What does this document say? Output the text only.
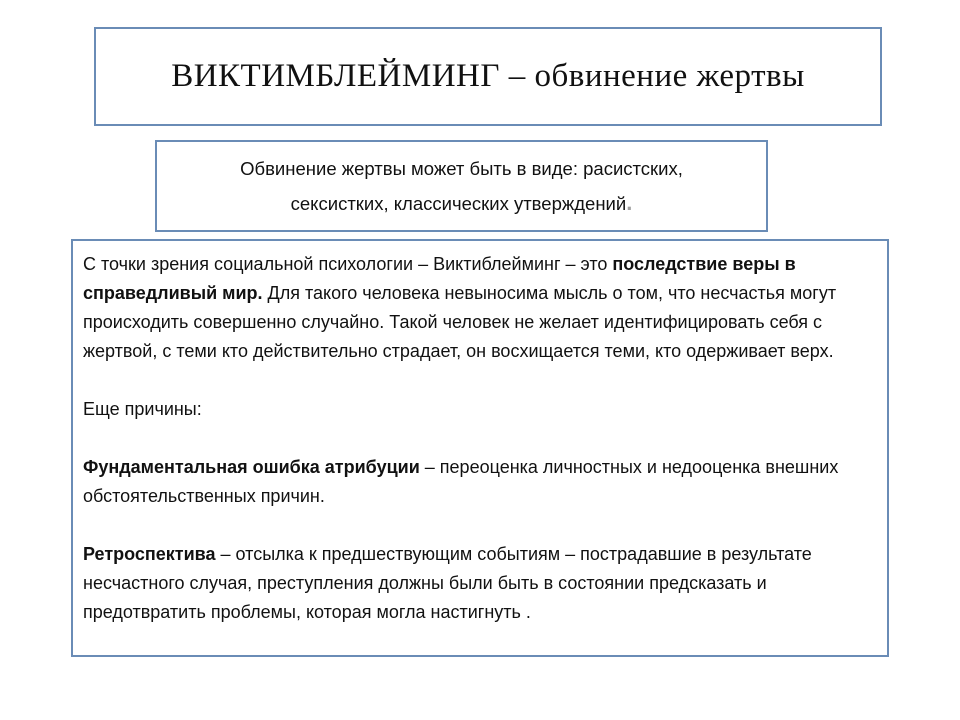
ВИКТИМБЛЕЙМИНГ – обвинение жертвы
Обвинение жертвы может быть в виде: расистских,
сексистких, классических утверждений.

С точки зрения социальной психологии – Виктиблейминг – это последствие веры в справедливый мир. Для такого человека невыносима мысль о том, что несчастья могут происходить совершенно случайно. Такой человек не желает идентифицировать себя с жертвой, с теми кто действительно страдает, он восхищается теми, кто одерживает верх.

Еще причины:

Фундаментальная ошибка атрибуции – переоценка личностных и недооценка внешних обстоятельственных причин.

Ретроспектива – отсылка к предшествующим событиям – пострадавшие в результате несчастного случая, преступления должны были быть в состоянии предсказать и предотвратить проблемы, которая могла настигнуть .
